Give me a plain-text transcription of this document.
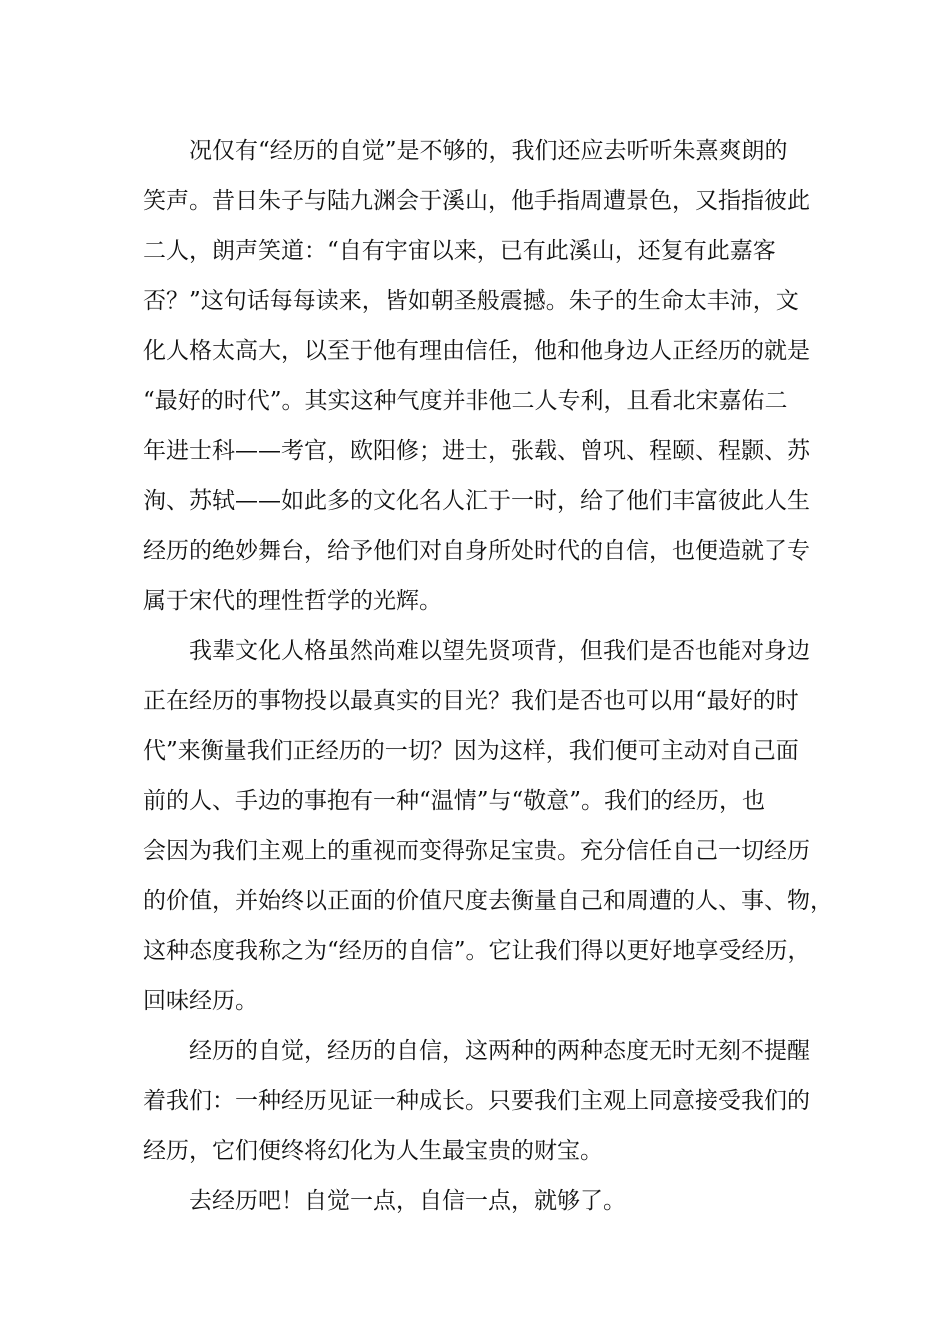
况仅有“经历的自觉”是不够的，我们还应去听听朱熹爽朗的
笑声。昔日朱子与陆九渊会于溪山，他手指周遭景色，又指指彼此
二人，朗声笑道：“自有宇宙以来，已有此溪山，还复有此嘉客
否？”这句话每每读来，皆如朝圣般震撼。朱子的生命太丰沛，文
化人格太高大，以至于他有理由信任，他和他身边人正经历的就是
“最好的时代”。其实这种气度并非他二人专利，且看北宋嘉佑二
年进士科——考官，欧阳修；进士，张载、曾巩、程颐、程颢、苏
洵、苏轼——如此多的文化名人汇于一时，给了他们丰富彼此人生
经历的绝妙舞台，给予他们对自身所处时代的自信，也便造就了专
属于宋代的理性哲学的光辉。
我辈文化人格虽然尚难以望先贤项背，但我们是否也能对身边
正在经历的事物投以最真实的目光？我们是否也可以用“最好的时
代”来衡量我们正经历的一切？因为这样，我们便可主动对自己面
前的人、手边的事抱有一种“温情”与“敬意”。我们的经历，也
会因为我们主观上的重视而变得弥足宝贵。充分信任自己一切经历
的价值，并始终以正面的价值尺度去衡量自己和周遭的人、事、物，
这种态度我称之为“经历的自信”。它让我们得以更好地享受经历，
回味经历。
经历的自觉，经历的自信，这两种的两种态度无时无刻不提醒
着我们：一种经历见证一种成长。只要我们主观上同意接受我们的
经历，它们便终将幻化为人生最宝贵的财宝。
去经历吧！自觉一点，自信一点，就够了。
